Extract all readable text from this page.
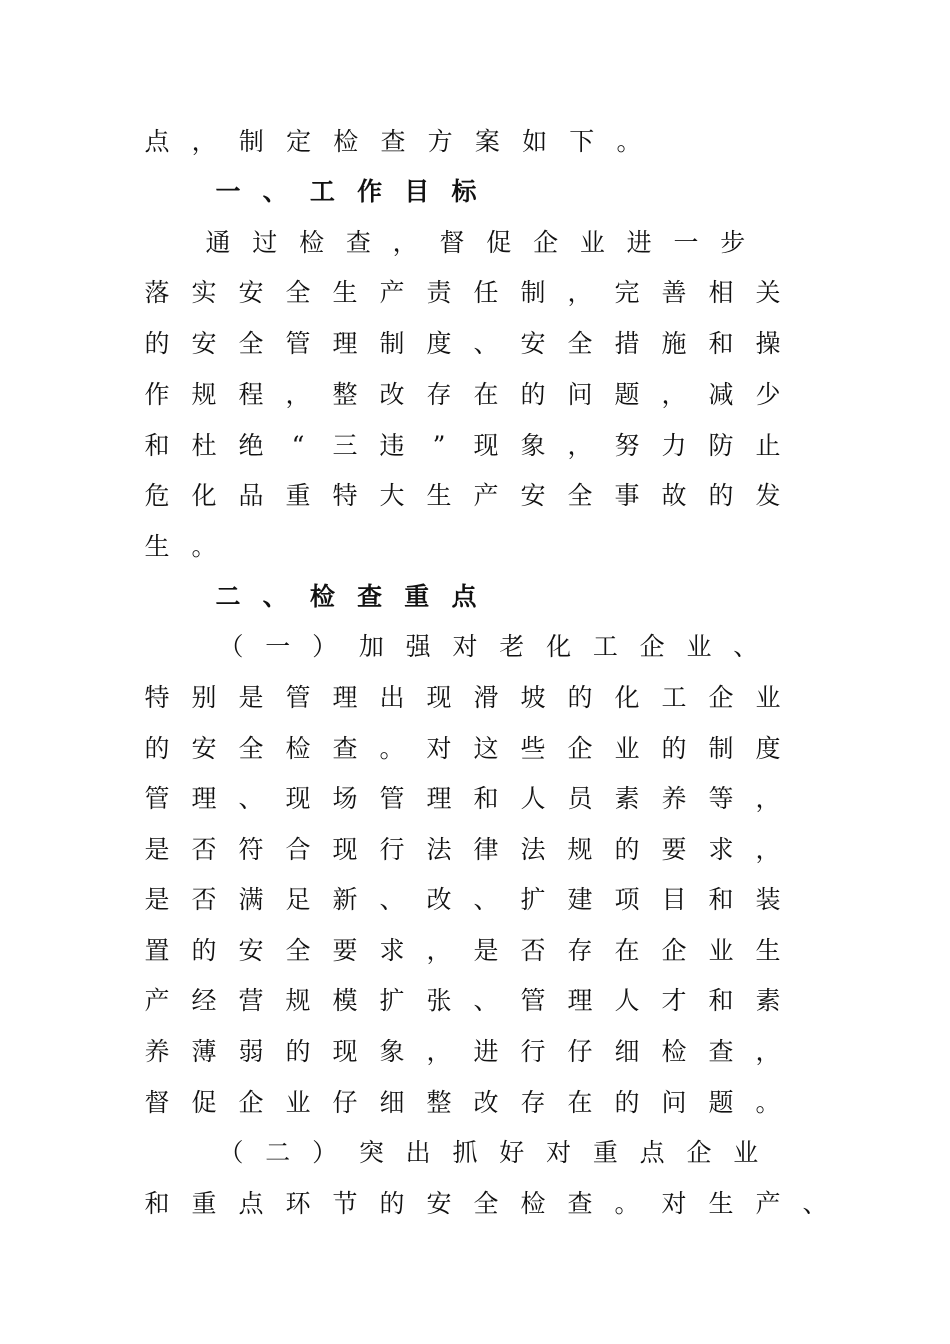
点 ， 制 定 检 查 方 案 如 下 。
一 、 工 作 目 标
通 过 检 查 ， 督 促 企 业 进 一 步
落 实 安 全 生 产 责 任 制 ， 完 善 相 关
的 安 全 管 理 制 度 、 安 全 措 施 和 操
作 规 程 ， 整 改 存 在 的 问 题 ， 减 少
和 杜 绝	“	三 违	”	现 象 ， 努 力 防 止
危 化 品 重 特 大 生 产 安 全 事 故 的 发
生 。
二 、 检 查 重 点
（ 一 ） 加 强 对 老 化 工 企 业 、
特 别 是 管 理 出 现 滑 坡 的 化 工 企 业
的 安 全 检 查 。 对 这 些 企 业 的 制 度
管 理 、 现 场 管 理 和 人 员 素 养 等 ，
是 否 符 合 现 行 法 律 法 规 的 要 求 ，
是 否 满 足 新 、 改 、 扩 建 项 目 和 装
置 的 安 全 要 求 ， 是 否 存 在 企 业 生
产 经 营 规 模 扩 张 、 管 理 人 才 和 素
养 薄 弱 的 现 象 ， 进 行 仔 细 检 查 ，
督 促 企 业 仔 细 整 改 存 在 的 问 题 。
（ 二 ） 突 出 抓 好 对 重 点 企 业
和 重 点 环 节 的 安 全 检 查 。 对 生 产 、
